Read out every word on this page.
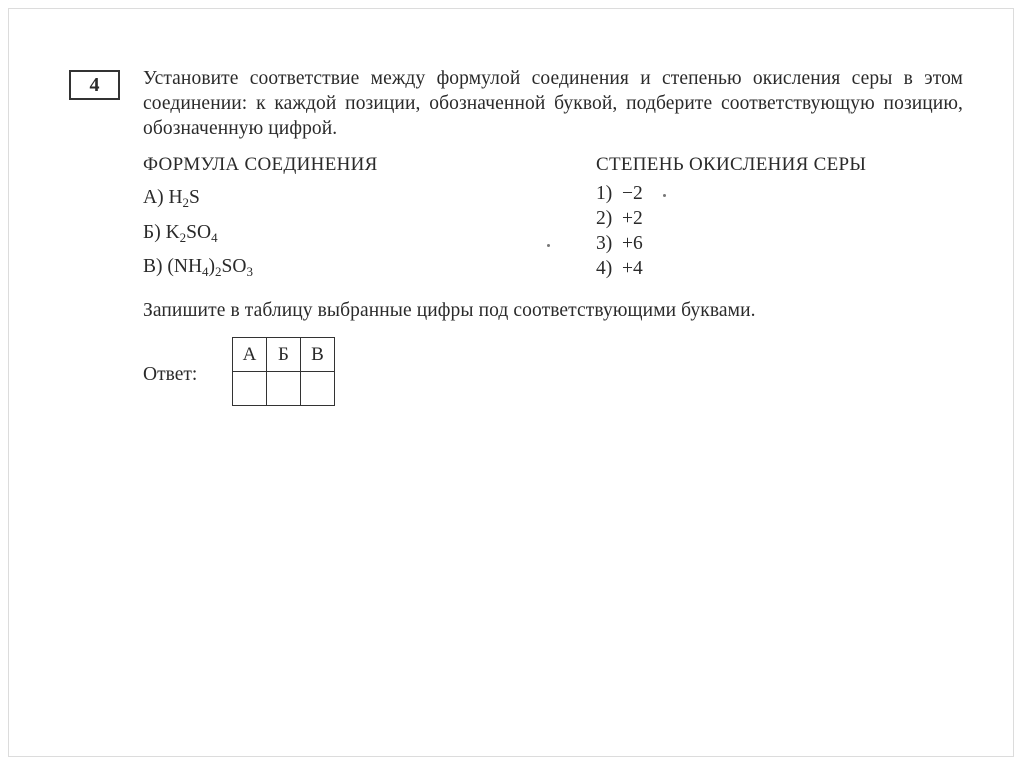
4	Установите соответствие между формулой соединения и степенью окисления серы в этом соединении: к каждой позиции, обозначенной буквой, подберите соответствующую позицию, обозначенную цифрой.
ФОРМУЛА СОЕДИНЕНИЯ	СТЕПЕНЬ ОКИСЛЕНИЯ СЕРЫ
А) $H_2S$
Б) $K_2SO_4$
В) $(NH_4)_2SO_3$
1) −2
2) +2
3) +6
4) +4
Запишите в таблицу выбранные цифры под соответствующими буквами.
Ответ:
А	Б	В
